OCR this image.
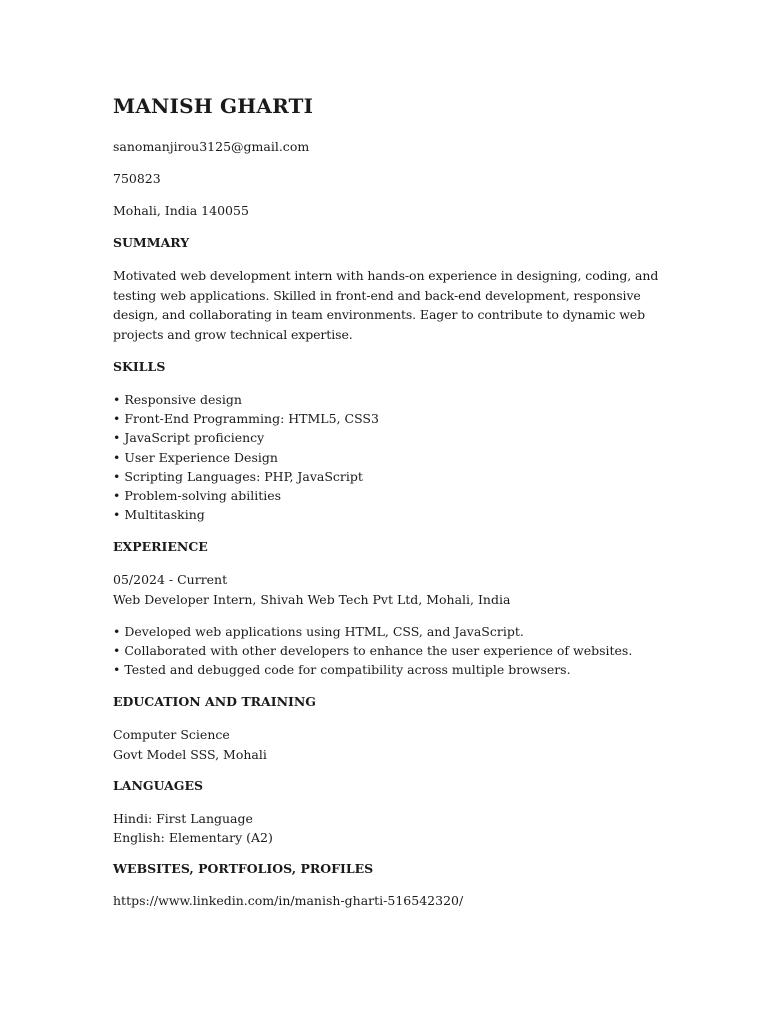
MANISH GHARTI
sanomanjirou3125@gmail.com
750823
Mohali, India 140055
SUMMARY

Motivated web development intern with hands-on experience in designing, coding, and testing web applications. Skilled in front-end and back-end development, responsive design, and collaborating in team environments. Eager to contribute to dynamic web projects and grow technical expertise.

SKILLS
• Responsive design
• Front-End Programming: HTML5, CSS3
• JavaScript proficiency
• User Experience Design
• Scripting Languages: PHP, JavaScript
• Problem-solving abilities
• Multitasking
EXPERIENCE
05/2024 - Current
Web Developer Intern, Shivah Web Tech Pvt Ltd, Mohali, India
• Developed web applications using HTML, CSS, and JavaScript.
• Collaborated with other developers to enhance the user experience of websites.
• Tested and debugged code for compatibility across multiple browsers.
EDUCATION AND TRAINING
Computer Science
Govt Model SSS, Mohali
LANGUAGES
Hindi: First Language
English: Elementary (A2)
WEBSITES, PORTFOLIOS, PROFILES
https://www.linkedin.com/in/manish-gharti-516542320/
